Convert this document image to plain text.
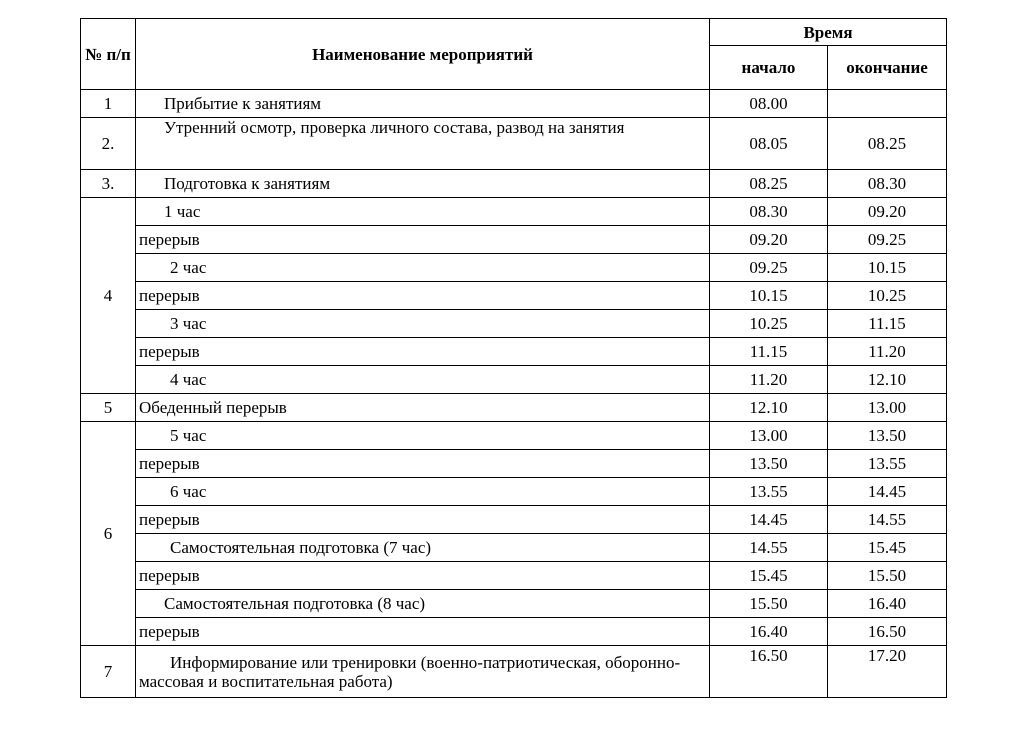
№ п/п	Наименование мероприятий	Время	
		начало	окончание
1	Прибытие к занятиям	08.00	
2.	Утренний осмотр, проверка личного состава, развод на занятия	08.05	08.25
3.	Подготовка к занятиям	08.25	08.30
4	1 час	08.30	09.20
	перерыв	09.20	09.25
	2 час	09.25	10.15
	перерыв	10.15	10.25
	3 час	10.25	11.15
	перерыв	11.15	11.20
	4 час	11.20	12.10
5	Обеденный перерыв	12.10	13.00
6	5 час	13.00	13.50
	перерыв	13.50	13.55
	6 час	13.55	14.45
	перерыв	14.45	14.55
	Самостоятельная подготовка (7 час)	14.55	15.45
	перерыв	15.45	15.50
	Самостоятельная подготовка (8 час)	15.50	16.40
	перерыв	16.40	16.50
7	Информирование или тренировки (военно-патриотическая, оборонно-массовая и воспитательная работа)	16.50	17.20
